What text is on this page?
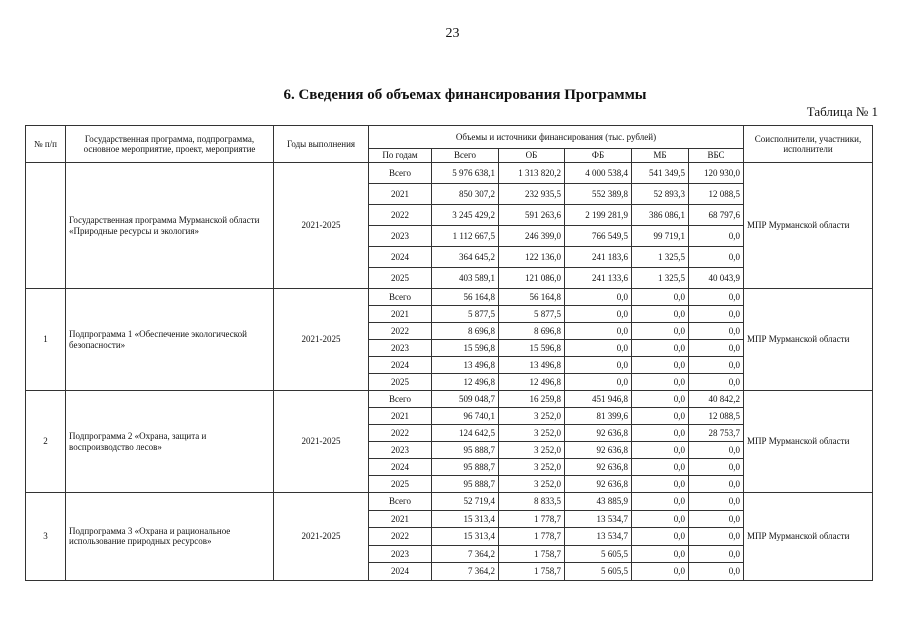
23
6. Сведения об объемах финансирования Программы
Таблица № 1
№ п/п	Государственная программа, подпрограмма, основное мероприятие, проект, мероприятие	Годы выполнения	Объемы и источники финансирования (тыс. рублей)						Соисполнители, участники, исполнители
			По годам	Всего	ОБ	ФБ	МБ	ВБС	
	Государственная программа Мурманской области «Природные ресурсы и экология»	2021-2025	Всего	5 976 638,1	1 313 820,2	4 000 538,4	541 349,5	120 930,0	МПР Мурманской области
			2021	850 307,2	232 935,5	552 389,8	52 893,3	12 088,5	
			2022	3 245 429,2	591 263,6	2 199 281,9	386 086,1	68 797,6	
			2023	1 112 667,5	246 399,0	766 549,5	99 719,1	0,0	
			2024	364 645,2	122 136,0	241 183,6	1 325,5	0,0	
			2025	403 589,1	121 086,0	241 133,6	1 325,5	40 043,9	
1	Подпрограмма 1 «Обеспечение экологической безопасности»	2021-2025	Всего	56 164,8	56 164,8	0,0	0,0	0,0	МПР Мурманской области
			2021	5 877,5	5 877,5	0,0	0,0	0,0	
			2022	8 696,8	8 696,8	0,0	0,0	0,0	
			2023	15 596,8	15 596,8	0,0	0,0	0,0	
			2024	13 496,8	13 496,8	0,0	0,0	0,0	
			2025	12 496,8	12 496,8	0,0	0,0	0,0	
2	Подпрограмма 2 «Охрана, защита и воспроизводство лесов»	2021-2025	Всего	509 048,7	16 259,8	451 946,8	0,0	40 842,2	МПР Мурманской области
			2021	96 740,1	3 252,0	81 399,6	0,0	12 088,5	
			2022	124 642,5	3 252,0	92 636,8	0,0	28 753,7	
			2023	95 888,7	3 252,0	92 636,8	0,0	0,0	
			2024	95 888,7	3 252,0	92 636,8	0,0	0,0	
			2025	95 888,7	3 252,0	92 636,8	0,0	0,0	
3	Подпрограмма 3 «Охрана и рациональное использование природных ресурсов»	2021-2025	Всего	52 719,4	8 833,5	43 885,9	0,0	0,0	МПР Мурманской области
			2021	15 313,4	1 778,7	13 534,7	0,0	0,0	
			2022	15 313,4	1 778,7	13 534,7	0,0	0,0	
			2023	7 364,2	1 758,7	5 605,5	0,0	0,0	
			2024	7 364,2	1 758,7	5 605,5	0,0	0,0	
